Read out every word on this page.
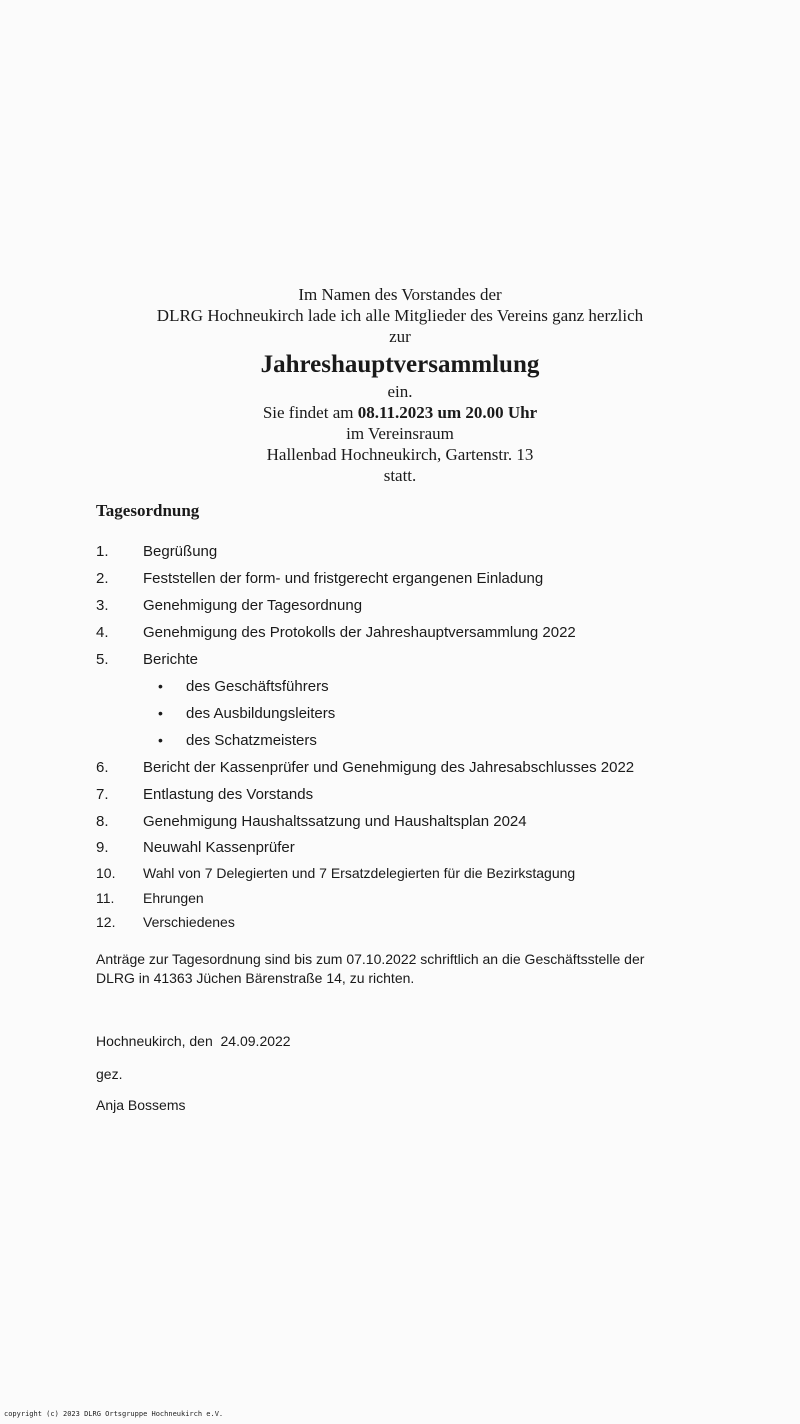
Im Namen des Vorstandes der
DLRG Hochneukirch lade ich alle Mitglieder des Vereins ganz herzlich
zur
Jahreshauptversammlung
ein.
Sie findet am 08.11.2023 um 20.00 Uhr
im Vereinsraum
Hallenbad Hochneukirch, Gartenstr. 13
statt.
Tagesordnung
1. Begrüßung
2. Feststellen der form- und fristgerecht ergangenen Einladung
3. Genehmigung der Tagesordnung
4. Genehmigung des Protokolls der Jahreshauptversammlung 2022
5. Berichte
• des Geschäftsführers
• des Ausbildungsleiters
• des Schatzmeisters
6. Bericht der Kassenprüfer und Genehmigung des Jahresabschlusses 2022
7. Entlastung des Vorstands
8. Genehmigung Haushaltssatzung und Haushaltsplan 2024
9. Neuwahl Kassenprüfer
10. Wahl von 7 Delegierten und 7 Ersatzdelegierten für die Bezirkstagung
11. Ehrungen
12. Verschiedenes
Anträge zur Tagesordnung sind bis zum 07.10.2022 schriftlich an die Geschäftsstelle der
DLRG in 41363 Jüchen Bärenstraße 14, zu richten.
Hochneukirch, den  24.09.2022
gez.
Anja Bossems
copyright (c) 2023 DLRG Ortsgruppe Hochneukirch e.V.
